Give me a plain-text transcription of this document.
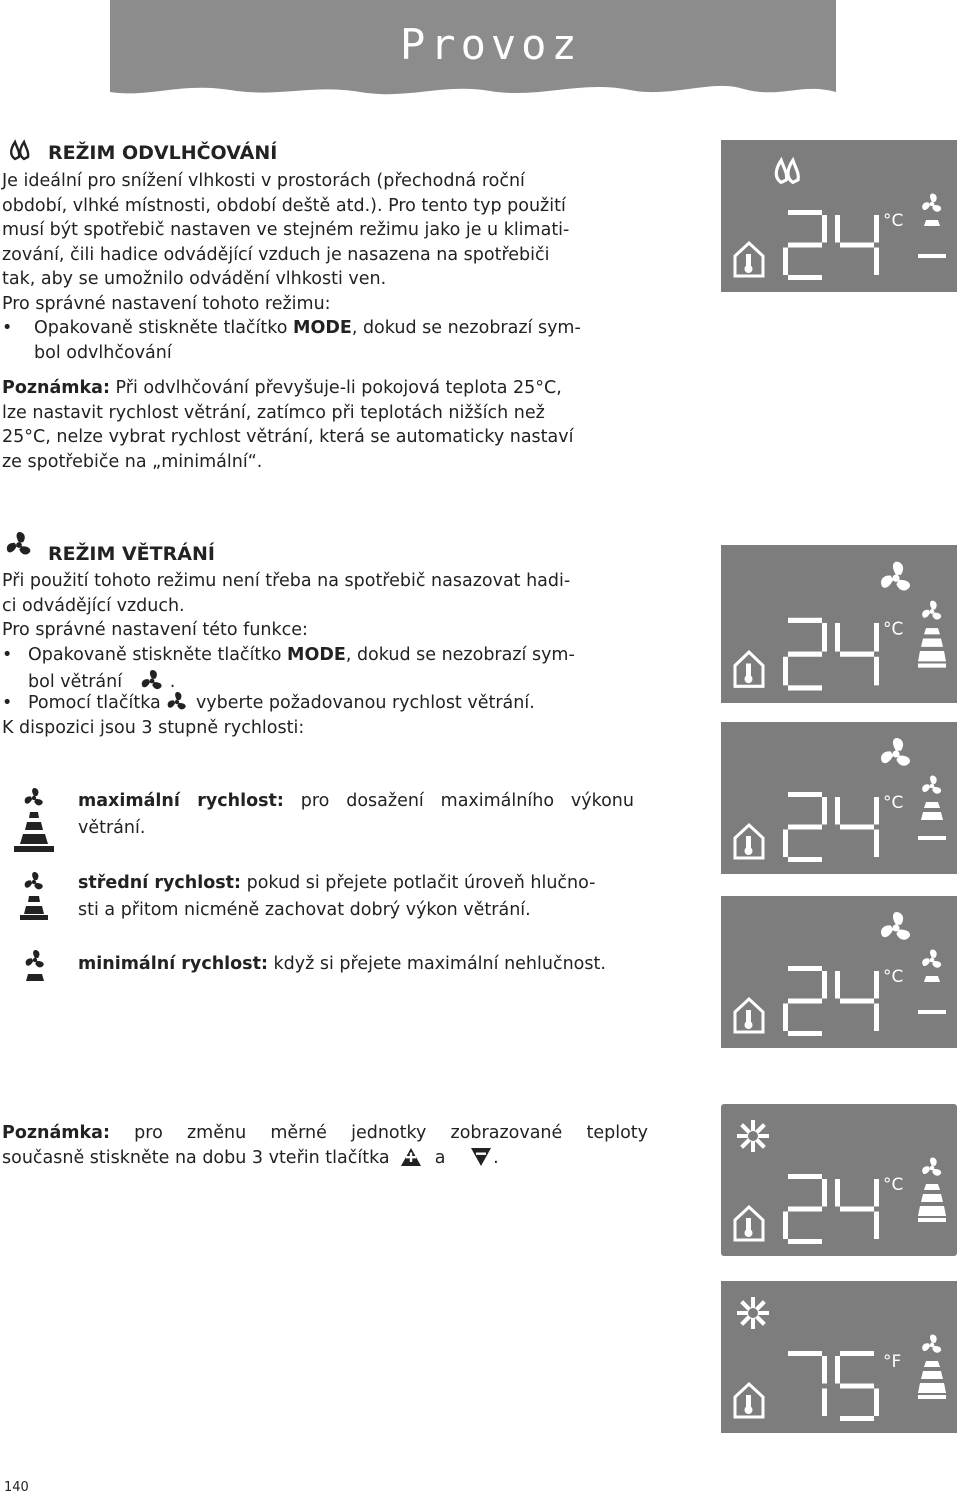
Provoz
REŽIM ODVLHČOVÁNÍ
Je ideální pro snížení vlhkosti v prostorách (přechodná roční
období, vlhké místnosti, období deště atd.). Pro tento typ použití
musí být spotřebič nastaven ve stejném režimu jako je u klimati-
zování, čili hadice odvádějící vzduch je nasazena na spotřebiči
tak, aby se umožnilo odvádění vlhkosti ven.
Pro správné nastavení tohoto režimu:
• Opakovaně stiskněte tlačítko MODE, dokud se nezobrazí sym-
bol odvlhčování
Poznámka: Při odvlhčování převyšuje-li pokojová teplota 25°C,
lze nastavit rychlost větrání, zatímco při teplotách nižších než
25°C, nelze vybrat rychlost větrání, která se automaticky nastaví
ze spotřebiče na „minimální“.
REŽIM VĚTRÁNÍ
Při použití tohoto režimu není třeba na spotřebič nasazovat hadi-
ci odvádějící vzduch.
Pro správné nastavení této funkce:
• Opakovaně stiskněte tlačítko MODE, dokud se nezobrazí sym-
bol větrání	.
• Pomocí tlačítka vyberte požadovanou rychlost větrání.
K dispozici jsou 3 stupně rychlosti:
maximální rychlost: pro dosažení maximálního výkonu
větrání.
střední rychlost: pokud si přejete potlačit úroveň hlučno-
sti a přitom nicméně zachovat dobrý výkon větrání.
minimální rychlost: když si přejete maximální nehlučnost.
Poznámka: pro změnu měrné jednotky zobrazované teploty
současně stiskněte na dobu 3 vteřin tlačítka	a	.
°C
°C
°C
°C
°C
°F
140
